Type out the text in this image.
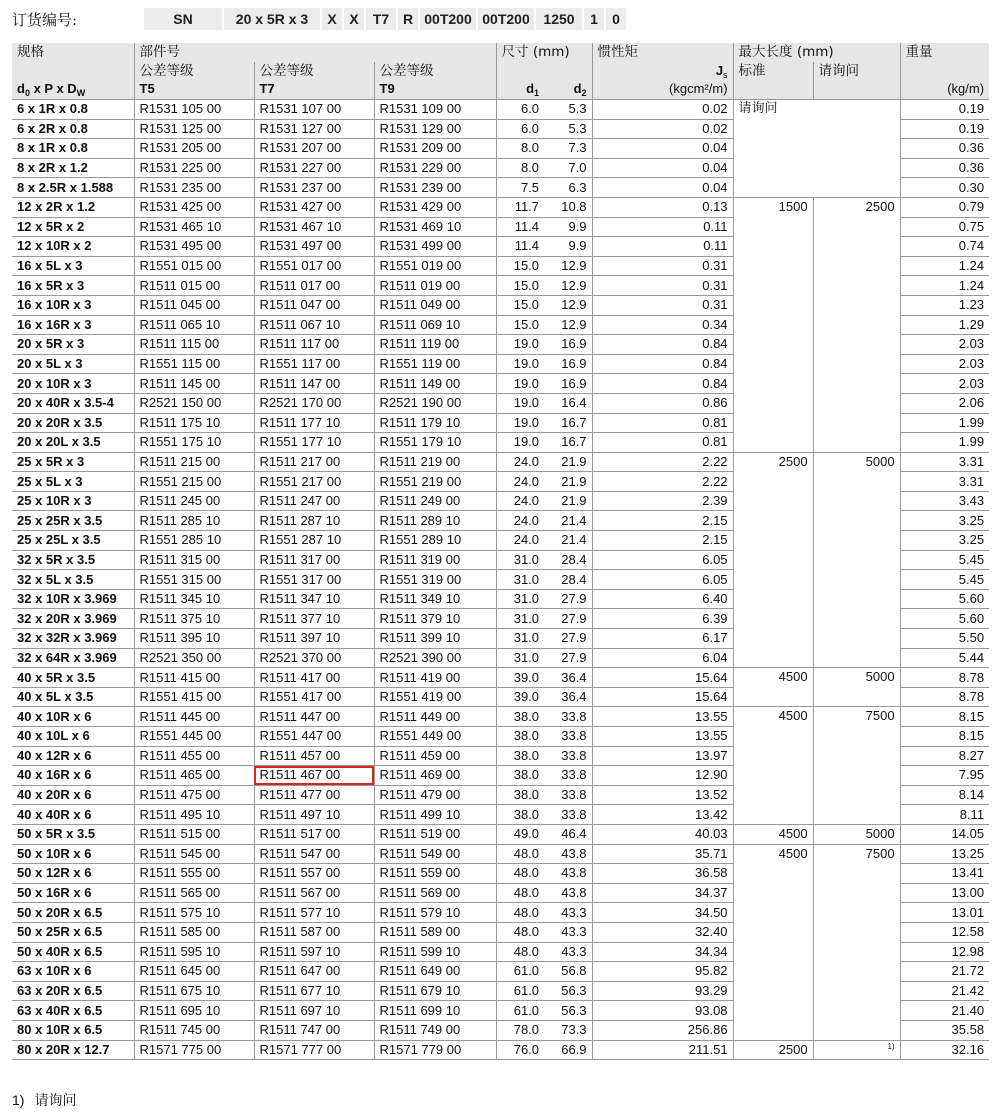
订货编号:	SN	20 x 5R x 3	X X	T7 R 00T200 00T200 1250	1	0
规格	部件号			尺寸 (mm)		惯性矩	最大长度 (mm)		重量
	公差等级	公差等级	公差等级			$J_s$	标准	请询问	
$d_0$ x P x $D_W$	T5	T7	T9	$d_1$	$d_2$	(kgcm²/m)			(kg/m)
6 x 1R x 0.8	R1531 105 00	R1531 107 00	R1531 109 00	6.0	5.3	0.02	请询问		0.19
6 x 2R x 0.8	R1531 125 00	R1531 127 00	R1531 129 00	6.0	5.3	0.02			0.19
8 x 1R x 0.8	R1531 205 00	R1531 207 00	R1531 209 00	8.0	7.3	0.04			0.36
8 x 2R x 1.2	R1531 225 00	R1531 227 00	R1531 229 00	8.0	7.0	0.04			0.36
8 x 2.5R x 1.588	R1531 235 00	R1531 237 00	R1531 239 00	7.5	6.3	0.04			0.30
12 x 2R x 1.2	R1531 425 00	R1531 427 00	R1531 429 00	11.7	10.8	0.13	1500	2500	0.79
12 x 5R x 2	R1531 465 10	R1531 467 10	R1531 469 10	11.4	9.9	0.11			0.75
12 x 10R x 2	R1531 495 00	R1531 497 00	R1531 499 00	11.4	9.9	0.11			0.74
16 x 5L x 3	R1551 015 00	R1551 017 00	R1551 019 00	15.0	12.9	0.31			1.24
16 x 5R x 3	R1511 015 00	R1511 017 00	R1511 019 00	15.0	12.9	0.31			1.24
16 x 10R x 3	R1511 045 00	R1511 047 00	R1511 049 00	15.0	12.9	0.31			1.23
16 x 16R x 3	R1511 065 10	R1511 067 10	R1511 069 10	15.0	12.9	0.34			1.29
20 x 5R x 3	R1511 115 00	R1511 117 00	R1511 119 00	19.0	16.9	0.84			2.03
20 x 5L x 3	R1551 115 00	R1551 117 00	R1551 119 00	19.0	16.9	0.84			2.03
20 x 10R x 3	R1511 145 00	R1511 147 00	R1511 149 00	19.0	16.9	0.84			2.03
20 x 40R x 3.5-4	R2521 150 00	R2521 170 00	R2521 190 00	19.0	16.4	0.86			2.06
20 x 20R x 3.5	R1511 175 10	R1511 177 10	R1511 179 10	19.0	16.7	0.81			1.99
20 x 20L x 3.5	R1551 175 10	R1551 177 10	R1551 179 10	19.0	16.7	0.81			1.99
25 x 5R x 3	R1511 215 00	R1511 217 00	R1511 219 00	24.0	21.9	2.22	2500	5000	3.31
25 x 5L x 3	R1551 215 00	R1551 217 00	R1551 219 00	24.0	21.9	2.22			3.31
25 x 10R x 3	R1511 245 00	R1511 247 00	R1511 249 00	24.0	21.9	2.39			3.43
25 x 25R x 3.5	R1511 285 10	R1511 287 10	R1511 289 10	24.0	21.4	2.15			3.25
25 x 25L x 3.5	R1551 285 10	R1551 287 10	R1551 289 10	24.0	21.4	2.15			3.25
32 x 5R x 3.5	R1511 315 00	R1511 317 00	R1511 319 00	31.0	28.4	6.05			5.45
32 x 5L x 3.5	R1551 315 00	R1551 317 00	R1551 319 00	31.0	28.4	6.05			5.45
32 x 10R x 3.969	R1511 345 10	R1511 347 10	R1511 349 10	31.0	27.9	6.40			5.60
32 x 20R x 3.969	R1511 375 10	R1511 377 10	R1511 379 10	31.0	27.9	6.39			5.60
32 x 32R x 3.969	R1511 395 10	R1511 397 10	R1511 399 10	31.0	27.9	6.17			5.50
32 x 64R x 3.969	R2521 350 00	R2521 370 00	R2521 390 00	31.0	27.9	6.04			5.44
40 x 5R x 3.5	R1511 415 00	R1511 417 00	R1511 419 00	39.0	36.4	15.64	4500	5000	8.78
40 x 5L x 3.5	R1551 415 00	R1551 417 00	R1551 419 00	39.0	36.4	15.64			8.78
40 x 10R x 6	R1511 445 00	R1511 447 00	R1511 449 00	38.0	33.8	13.55	4500	7500	8.15
40 x 10L x 6	R1551 445 00	R1551 447 00	R1551 449 00	38.0	33.8	13.55			8.15
40 x 12R x 6	R1511 455 00	R1511 457 00	R1511 459 00	38.0	33.8	13.97			8.27
40 x 16R x 6	R1511 465 00	R1511 467 00	R1511 469 00	38.0	33.8	12.90			7.95
40 x 20R x 6	R1511 475 00	R1511 477 00	R1511 479 00	38.0	33.8	13.52			8.14
40 x 40R x 6	R1511 495 10	R1511 497 10	R1511 499 10	38.0	33.8	13.42			8.11
50 x 5R x 3.5	R1511 515 00	R1511 517 00	R1511 519 00	49.0	46.4	40.03	4500	5000	14.05
50 x 10R x 6	R1511 545 00	R1511 547 00	R1511 549 00	48.0	43.8	35.71	4500	7500	13.25
50 x 12R x 6	R1511 555 00	R1511 557 00	R1511 559 00	48.0	43.8	36.58			13.41
50 x 16R x 6	R1511 565 00	R1511 567 00	R1511 569 00	48.0	43.8	34.37			13.00
50 x 20R x 6.5	R1511 575 10	R1511 577 10	R1511 579 10	48.0	43.3	34.50			13.01
50 x 25R x 6.5	R1511 585 00	R1511 587 00	R1511 589 00	48.0	43.3	32.40			12.58
50 x 40R x 6.5	R1511 595 10	R1511 597 10	R1511 599 10	48.0	43.3	34.34			12.98
63 x 10R x 6	R1511 645 00	R1511 647 00	R1511 649 00	61.0	56.8	95.82			21.72
63 x 20R x 6.5	R1511 675 10	R1511 677 10	R1511 679 10	61.0	56.3	93.29			21.42
63 x 40R x 6.5	R1511 695 10	R1511 697 10	R1511 699 10	61.0	56.3	93.08			21.40
80 x 10R x 6.5	R1511 745 00	R1511 747 00	R1511 749 00	78.0	73.3	256.86			35.58
80 x 20R x 12.7	R1571 775 00	R1571 777 00	R1571 779 00	76.0	66.9	211.51	2500	1)	32.16
1) 请询问
